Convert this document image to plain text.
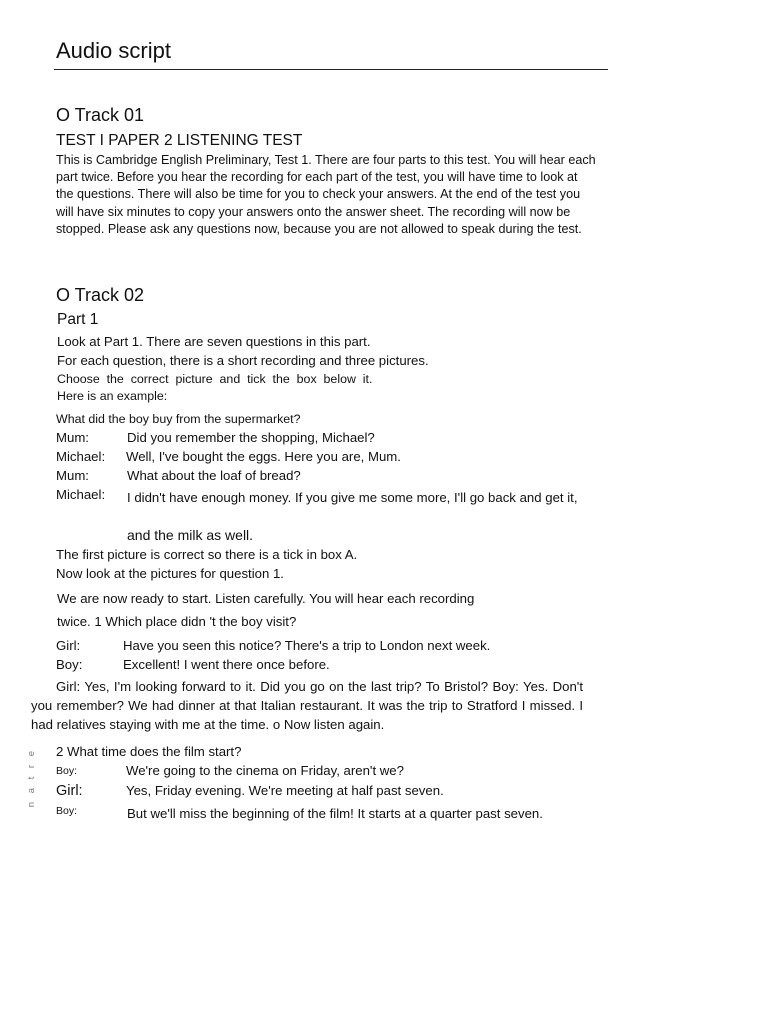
Audio script
O Track 01
TEST I PAPER 2 LISTENING TEST
This is Cambridge English Preliminary, Test 1. There are four parts to this test. You will hear each part twice. Before you hear the recording for each part of the test, you will have time to look at the questions. There will also be time for you to check your answers. At the end of the test you will have six minutes to copy your answers onto the answer sheet. The recording will now be stopped. Please ask any questions now, because you are not allowed to speak during the test.
O Track 02
Part 1
Look at Part 1. There are seven questions in this part.
For each question, there is a short recording and three pictures.
Choose  the  correct  picture  and  tick  the  box  below  it.
Here is an example:
What did the boy buy from the supermarket?
Mum:	Did you remember the shopping, Michael?
Michael: Well, I've bought the eggs. Here you are, Mum.
Mum:	What about the loaf of bread?
Michael: I didn't have enough money. If you give me some more, I'll go back and get it,
and the milk as well.
The first picture is correct so there is a tick in box A.
Now look at the pictures for question 1.
We are now ready to start. Listen carefully. You will hear each recording
twice. 1 Which place didn 't the boy visit?
Girl:	Have you seen this notice? There's a trip to London next week.
Boy:	Excellent! I went there once before.
Girl: Yes, I'm looking forward to it. Did you go on the last trip? To Bristol? Boy: Yes. Don't you remember? We had dinner at that Italian restaurant. It was the trip to Stratford I missed. I had relatives staying with me at the time. o Now listen again.
2 What time does the film start?
Boy:	We're going to the cinema on Friday, aren't we?
Girl:	Yes, Friday evening. We're meeting at half past seven.
Boy:	But we'll miss the beginning of the film! It starts at a quarter past seven.
n a t r e
